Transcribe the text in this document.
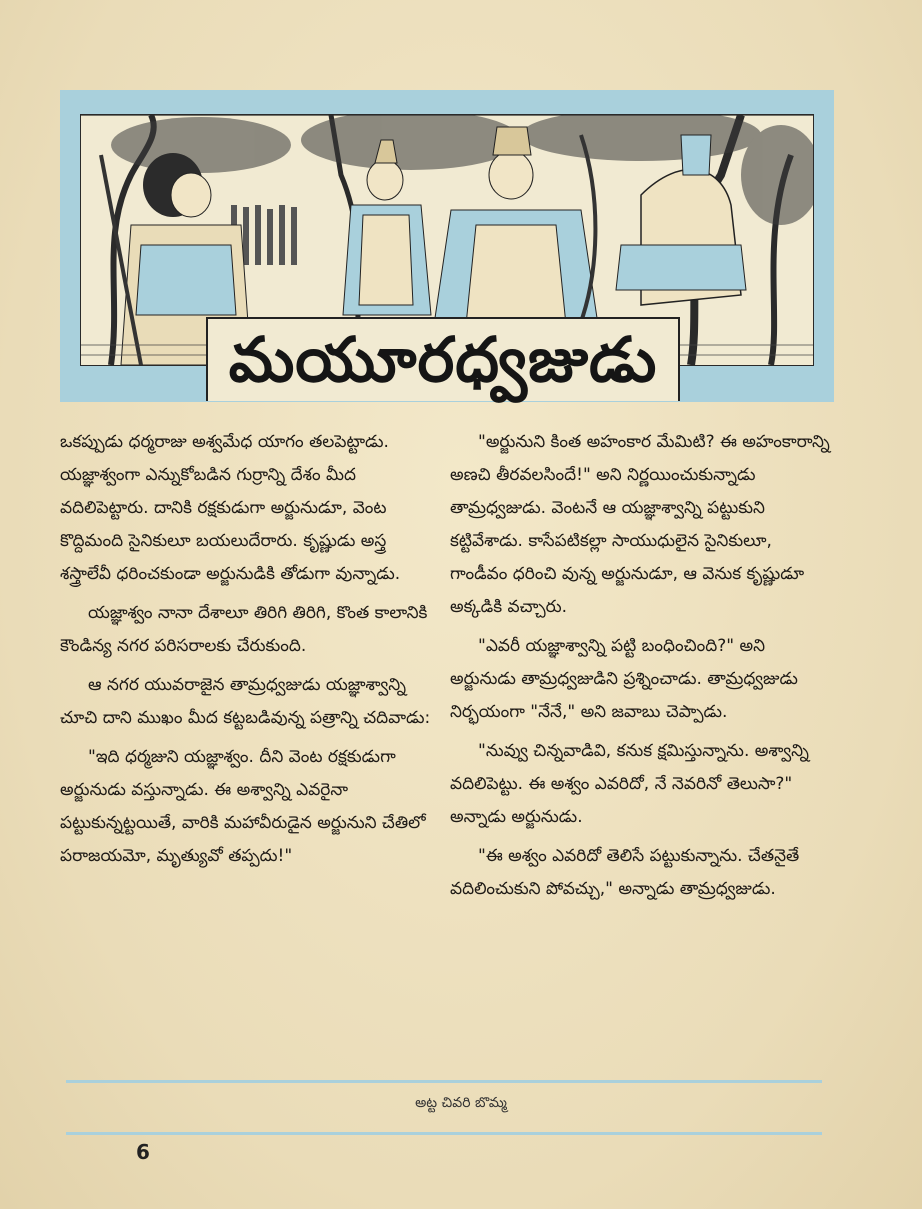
మయూరధ్వజుడు

ఒకప్పుడు ధర్మరాజు అశ్వమేధ యాగం తలపెట్టాడు. యజ్ఞాశ్వంగా ఎన్నుకోబడిన గుర్రాన్ని దేశం మీద వదిలిపెట్టారు. దానికి రక్షకుడుగా అర్జునుడూ, వెంట కొద్దిమంది సైనికులూ బయలుదేరారు. కృష్ణుడు అస్త్ర శస్త్రాలేవీ ధరించకుండా అర్జునుడికి తోడుగా వున్నాడు.

యజ్ఞాశ్వం నానా దేశాలూ తిరిగి తిరిగి, కొంత కాలానికి కౌండిన్య నగర పరిసరాలకు చేరుకుంది.

ఆ నగర యువరాజైన తామ్రధ్వజుడు యజ్ఞాశ్వాన్ని చూచి దాని ముఖం మీద కట్టబడివున్న పత్రాన్ని చదివాడు:

"ఇది ధర్మజుని యజ్ఞాశ్వం. దీని వెంట రక్షకుడుగా అర్జునుడు వస్తున్నాడు. ఈ అశ్వాన్ని ఎవరైనా పట్టుకున్నట్టయితే, వారికి మహావీరుడైన అర్జునుని చేతిలో పరాజయమో, మృత్యువో తప్పదు!"

"అర్జునుని కింత అహంకార మేమిటి? ఈ అహంకారాన్ని అణచి తీరవలసిందే!" అని నిర్ణయించుకున్నాడు తామ్రధ్వజుడు. వెంటనే ఆ యజ్ఞాశ్వాన్ని పట్టుకుని కట్టివేశాడు. కాసేపటికల్లా సాయుధులైన సైనికులూ, గాండీవం ధరించి వున్న అర్జునుడూ, ఆ వెనుక కృష్ణుడూ అక్కడికి వచ్చారు.

"ఎవరీ యజ్ఞాశ్వాన్ని పట్టి బంధించింది?" అని అర్జునుడు తామ్రధ్వజుడిని ప్రశ్నించాడు. తామ్రధ్వజుడు నిర్భయంగా "నేనే," అని జవాబు చెప్పాడు.

"నువ్వు చిన్నవాడివి, కనుక క్షమిస్తున్నాను. అశ్వాన్ని వదిలిపెట్టు. ఈ అశ్వం ఎవరిదో, నే నెవరినో తెలుసా?" అన్నాడు అర్జునుడు.

"ఈ అశ్వం ఎవరిదో తెలిసే పట్టుకున్నాను. చేతనైతే వదిలించుకుని పోవచ్చు," అన్నాడు తామ్రధ్వజుడు.

అట్ట చివరి బొమ్మ
6
